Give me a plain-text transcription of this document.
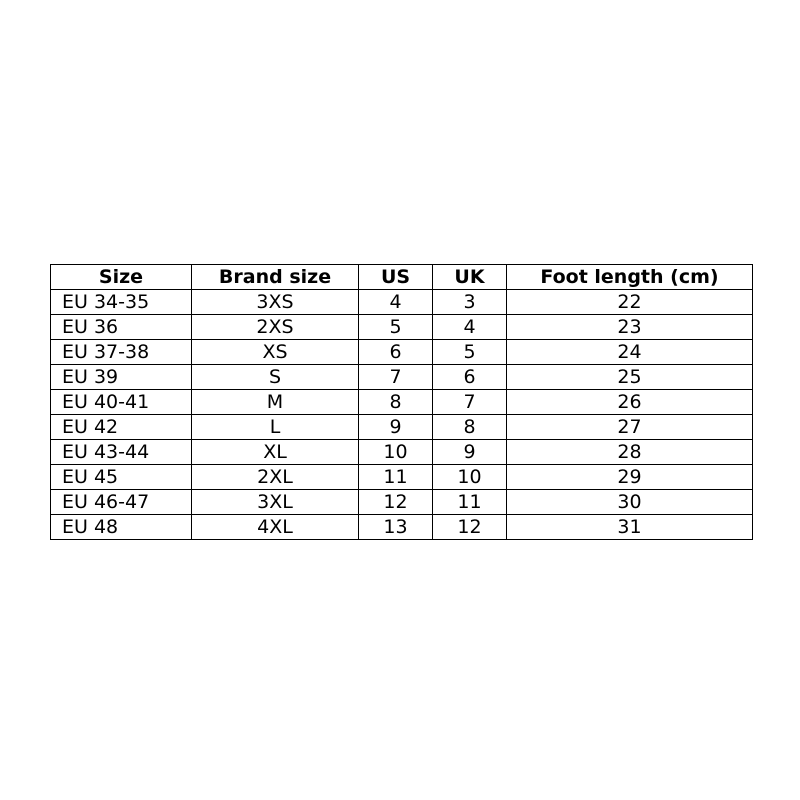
Size	Brand size	US	UK	Foot length (cm)
EU 34-35	3XS	4	3	22
EU 36	2XS	5	4	23
EU 37-38	XS	6	5	24
EU 39	S	7	6	25
EU 40-41	M	8	7	26
EU 42	L	9	8	27
EU 43-44	XL	10	9	28
EU 45	2XL	11	10	29
EU 46-47	3XL	12	11	30
EU 48	4XL	13	12	31
